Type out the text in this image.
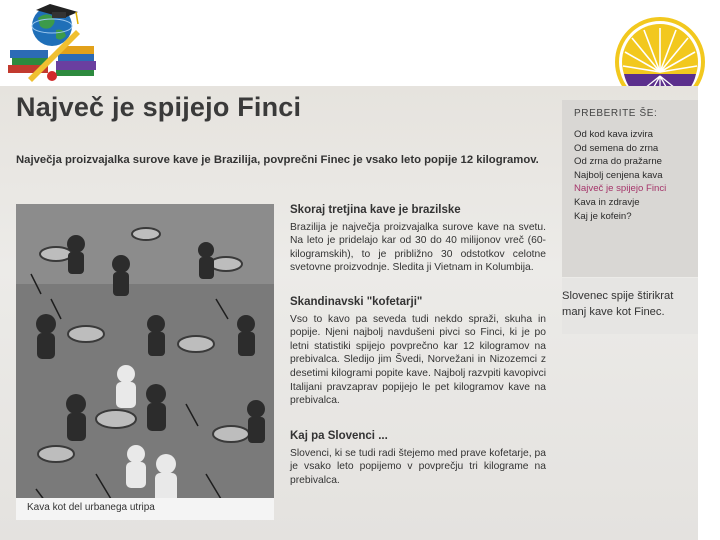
Največ je spijejo Finci

Največja proizvajalka surove kave je Brazilija, povprečni Finec je vsako leto popije 12 kilogramov.

Kava kot del urbanega utripa
Skoraj tretjina kave je brazilske

Brazilija je največja proizvajalka surove kave na svetu. Na leto je pridelajo kar od 30 do 40 milijonov vreč (60-kilogramskih), to je približno 30 odstotkov celotne svetovne proizvodnje. Sledita ji Vietnam in Kolumbija.

Skandinavski "kofetarji"

Vso to kavo pa seveda tudi nekdo spraži, skuha in popije. Njeni najbolj navdušeni pivci so Finci, ki je po letni statistiki spijejo povprečno kar 12 kilogramov na prebivalca. Sledijo jim Švedi, Norvežani in Nizozemci z desetimi kilogrami popite kave. Najbolj razvpiti kavopivci Italijani pravzaprav popijejo le pet kilogramov kave na prebivalca.

Kaj pa Slovenci ...

Slovenci, ki se tudi radi štejemo med prave kofetarje, pa je vsako leto popijemo v povprečju tri kilograme na prebivalca.

PREBERITE ŠE:
Od kod kava izvira
Od semena do zrna
Od zrna do pražarne
Najbolj cenjena kava
Največ je spijejo Finci
Kava in zdravje
Kaj je kofein?

Slovenec spije štirikrat manj kave kot Finec.
